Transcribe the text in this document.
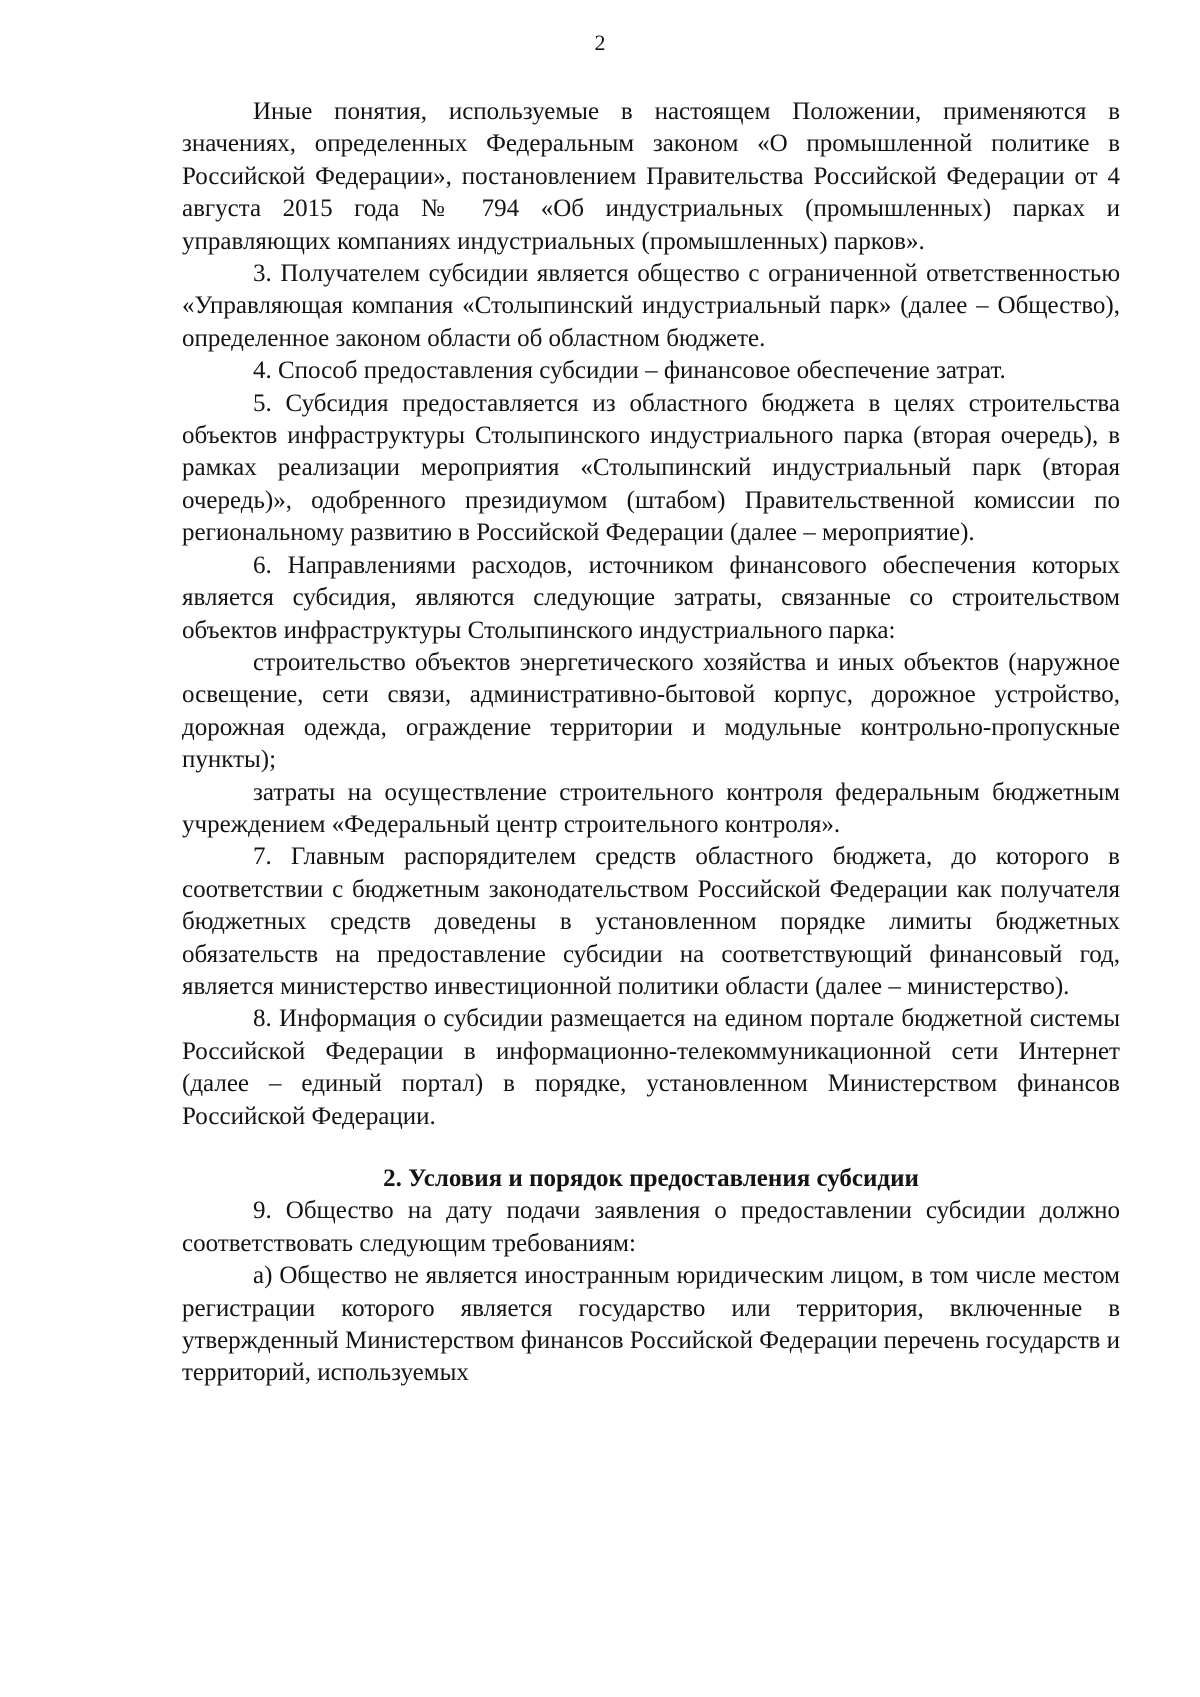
2

Иные понятия, используемые в настоящем Положении, применяются в значениях, определенных Федеральным законом «О промышленной политике в Российской Федерации», постановлением Правительства Российской Федерации от 4 августа 2015 года № 794 «Об индустриальных (промышленных) парках и управляющих компаниях индустриальных (промышленных) парков».

3. Получателем субсидии является общество с ограниченной ответственностью «Управляющая компания «Столыпинский индустриальный парк» (далее – Общество), определенное законом области об областном бюджете.

4. Способ предоставления субсидии – финансовое обеспечение затрат.

5. Субсидия предоставляется из областного бюджета в целях строительства объектов инфраструктуры Столыпинского индустриального парка (вторая очередь), в рамках реализации мероприятия «Столыпинский индустриальный парк (вторая очередь)», одобренного президиумом (штабом) Правительственной комиссии по региональному развитию в Российской Федерации (далее – мероприятие).

6. Направлениями расходов, источником финансового обеспечения которых является субсидия, являются следующие затраты, связанные со строительством объектов инфраструктуры Столыпинского индустриального парка:

строительство объектов энергетического хозяйства и иных объектов (наружное освещение, сети связи, административно-бытовой корпус, дорожное устройство, дорожная одежда, ограждение территории и модульные контрольно-пропускные пункты);

затраты на осуществление строительного контроля федеральным бюджетным учреждением «Федеральный центр строительного контроля».

7. Главным распорядителем средств областного бюджета, до которого в соответствии с бюджетным законодательством Российской Федерации как получателя бюджетных средств доведены в установленном порядке лимиты бюджетных обязательств на предоставление субсидии на соответствующий финансовый год, является министерство инвестиционной политики области (далее – министерство).

8. Информация о субсидии размещается на едином портале бюджетной системы Российской Федерации в информационно-телекоммуникационной сети Интернет (далее – единый портал) в порядке, установленном Министерством финансов Российской Федерации.

2. Условия и порядок предоставления субсидии

9. Общество на дату подачи заявления о предоставлении субсидии должно соответствовать следующим требованиям:

а) Общество не является иностранным юридическим лицом, в том числе местом регистрации которого является государство или территория, включенные в утвержденный Министерством финансов Российской Федерации перечень государств и территорий, используемых
